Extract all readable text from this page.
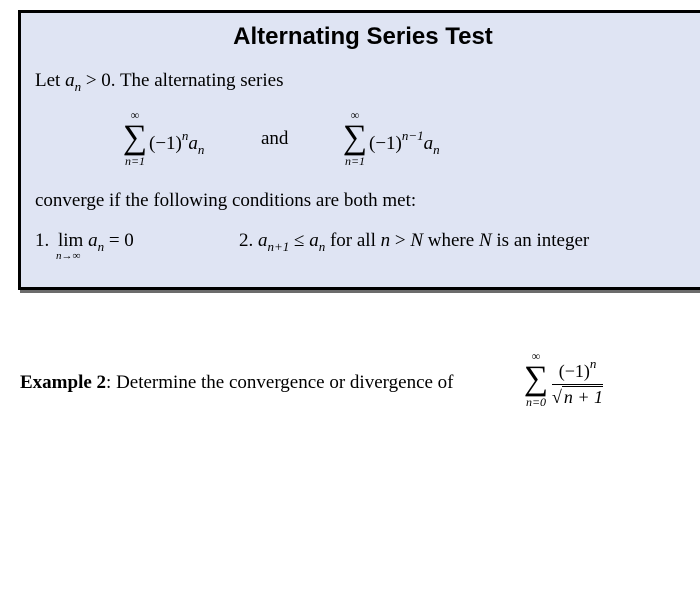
Alternating Series Test
Let $a_n > 0$. The alternating series
∞
∑
n=1
$(-1)^na_n$
and
∞
∑
n=1
$(-1)^{n-1}a_n$
converge if the following conditions are both met:
1. lim
n→∞
$a_n = 0$	2. $a_{n+1} \le a_n$ for all n > N where N is an integer
Example 2: Determine the convergence or divergence of
∞
∑
$n=0 \frac{(-1)^n}{√ n + 1}$
